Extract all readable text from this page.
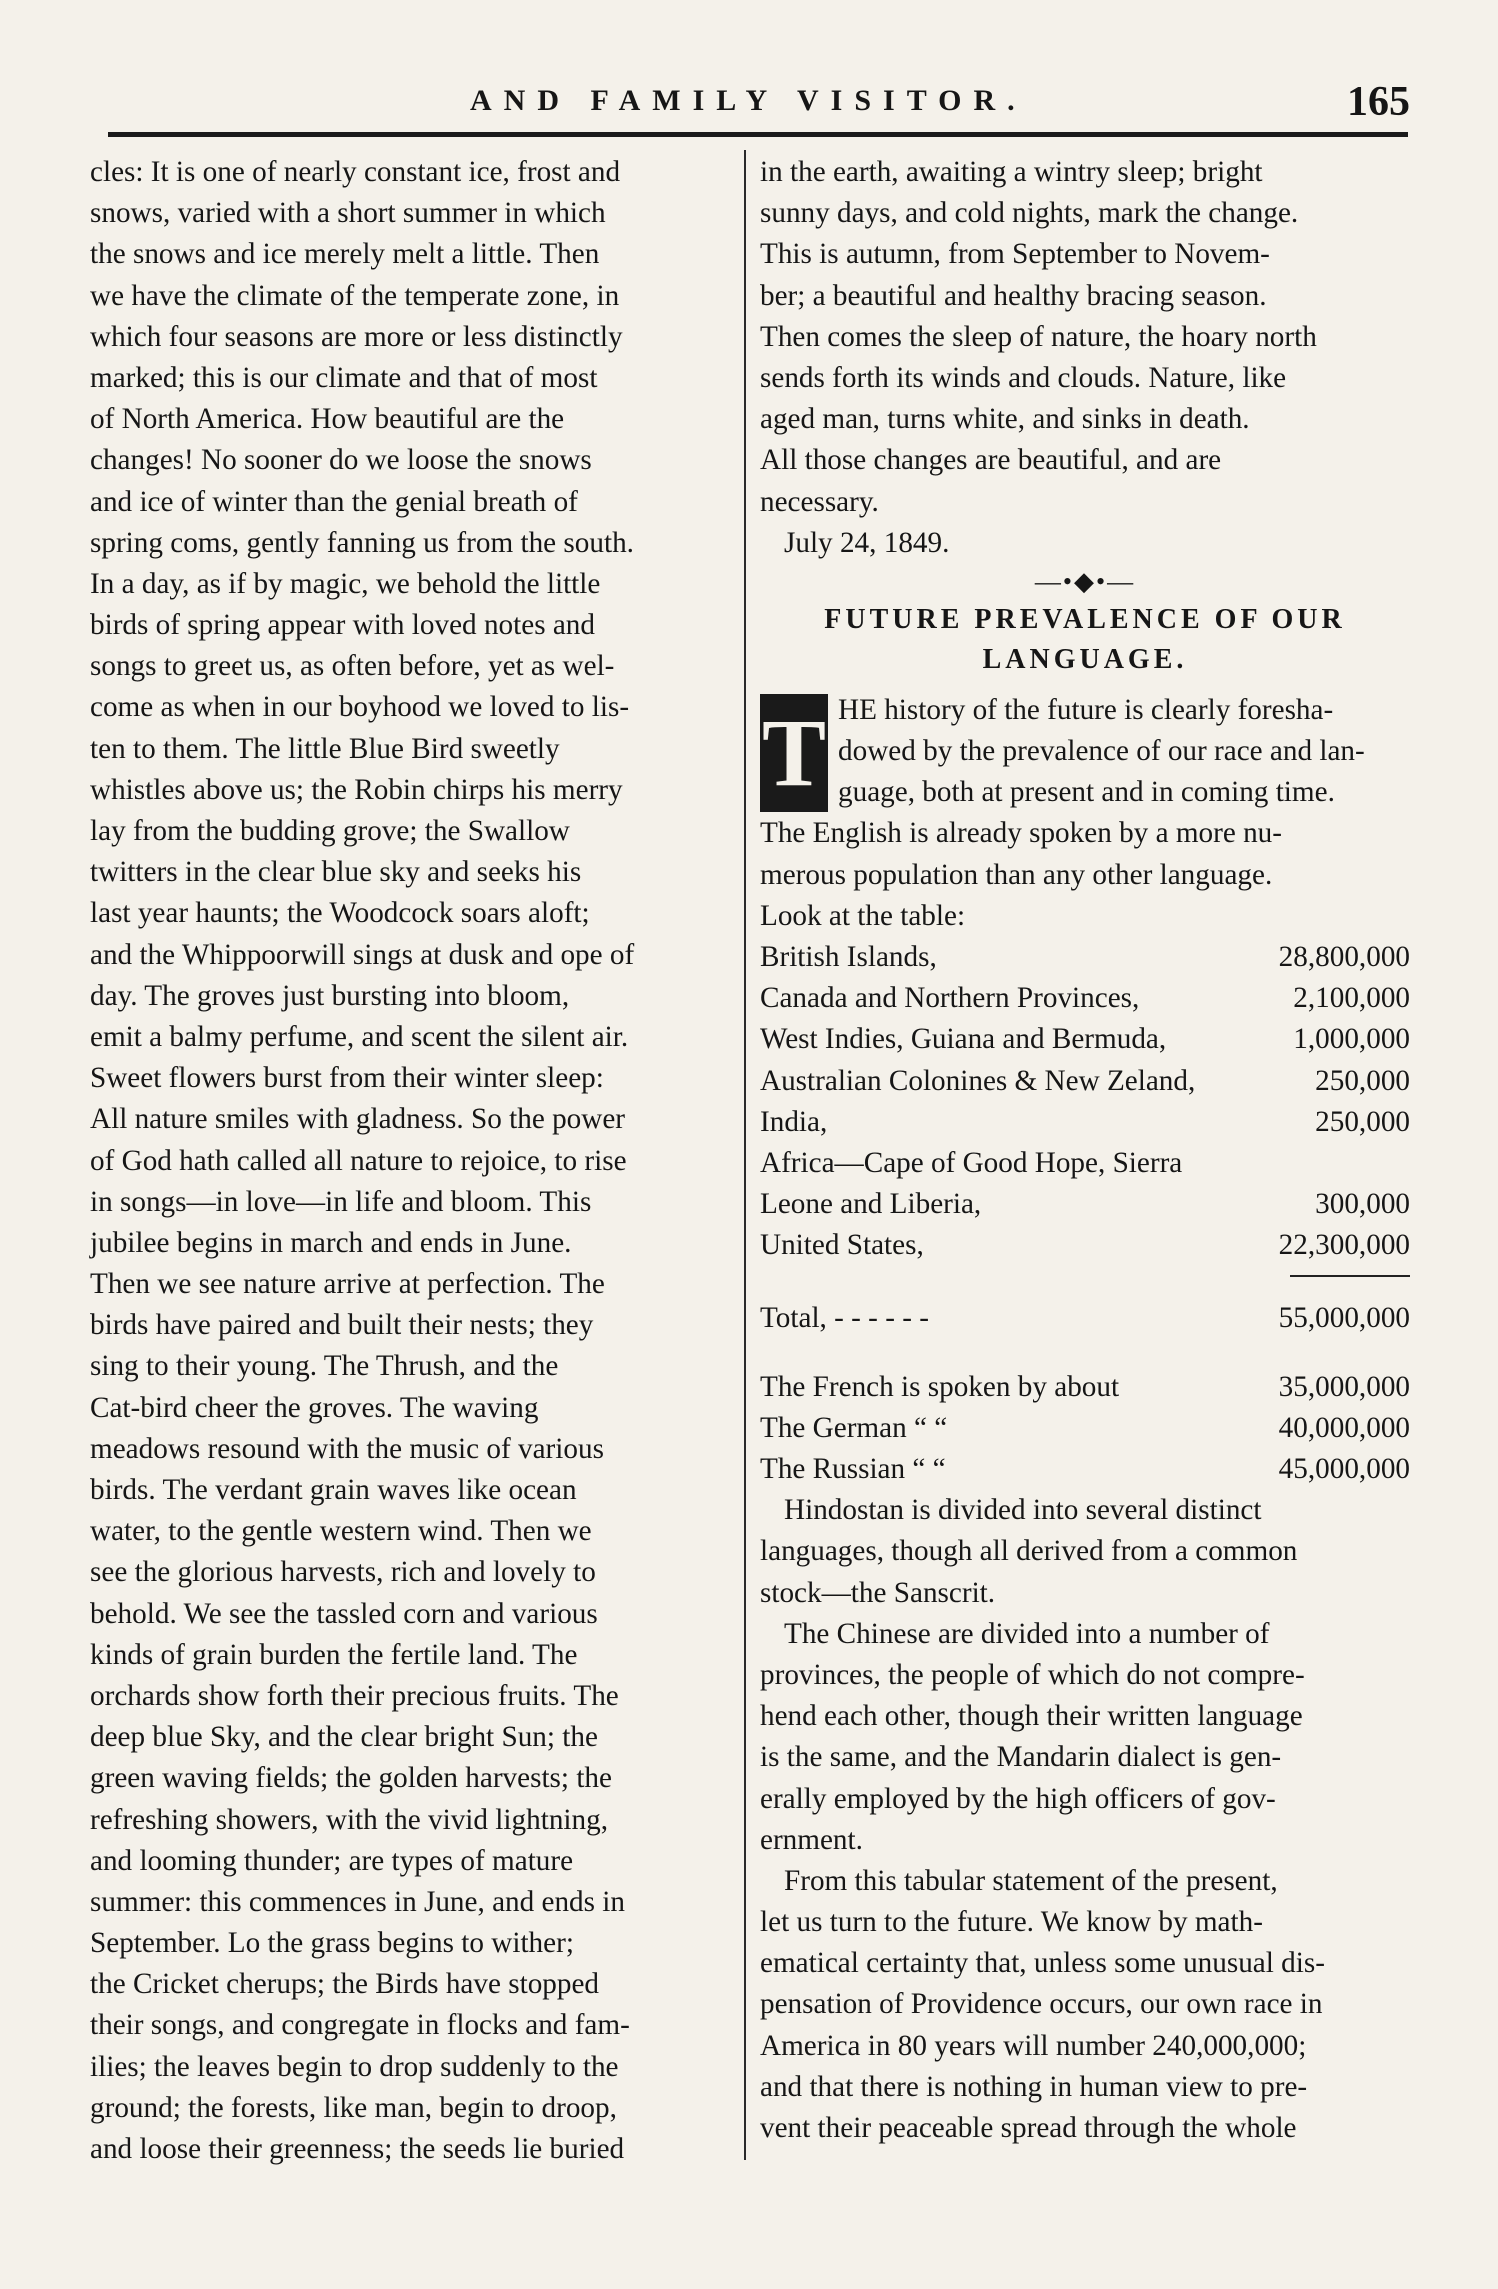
AND FAMILY VISITOR.	165
cles: It is one of nearly constant ice, frost and
snows, varied with a short summer in which
the snows and ice merely melt a little. Then
we have the climate of the temperate zone, in
which four seasons are more or less distinctly
marked; this is our climate and that of most
of North America. How beautiful are the
changes! No sooner do we loose the snows
and ice of winter than the genial breath of
spring coms, gently fanning us from the south.
In a day, as if by magic, we behold the little
birds of spring appear with loved notes and
songs to greet us, as often before, yet as wel-
come as when in our boyhood we loved to lis-
ten to them. The little Blue Bird sweetly
whistles above us; the Robin chirps his merry
lay from the budding grove; the Swallow
twitters in the clear blue sky and seeks his
last year haunts; the Woodcock soars aloft;
and the Whippoorwill sings at dusk and ope of
day. The groves just bursting into bloom,
emit a balmy perfume, and scent the silent air.
Sweet flowers burst from their winter sleep:
All nature smiles with gladness. So the power
of God hath called all nature to rejoice, to rise
in songs—in love—in life and bloom. This
jubilee begins in march and ends in June.
Then we see nature arrive at perfection. The
birds have paired and built their nests; they
sing to their young. The Thrush, and the
Cat-bird cheer the groves. The waving
meadows resound with the music of various
birds. The verdant grain waves like ocean
water, to the gentle western wind. Then we
see the glorious harvests, rich and lovely to
behold. We see the tassled corn and various
kinds of grain burden the fertile land. The
orchards show forth their precious fruits. The
deep blue Sky, and the clear bright Sun; the
green waving fields; the golden harvests; the
refreshing showers, with the vivid lightning,
and looming thunder; are types of mature
summer: this commences in June, and ends in
September. Lo the grass begins to wither;
the Cricket cherups; the Birds have stopped
their songs, and congregate in flocks and fam-
ilies; the leaves begin to drop suddenly to the
ground; the forests, like man, begin to droop,
and loose their greenness; the seeds lie buried
in the earth, awaiting a wintry sleep; bright
sunny days, and cold nights, mark the change.
This is autumn, from September to Novem-
ber; a beautiful and healthy bracing season.
Then comes the sleep of nature, the hoary north
sends forth its winds and clouds. Nature, like
aged man, turns white, and sinks in death.
All those changes are beautiful, and are
necessary.
July 24, 1849.
—•◆•—
FUTURE PREVALENCE OF OUR
LANGUAGE.
T HE history of the future is clearly foresha-
dowed by the prevalence of our race and lan-
guage, both at present and in coming time.
The English is already spoken by a more nu-
merous population than any other language.
Look at the table:
British Islands,	28,800,000
Canada and Northern Provinces,	2,100,000
West Indies, Guiana and Bermuda,	1,000,000
Australian Colonines & New Zeland,	250,000
India,	250,000
Africa—Cape of Good Hope, Sierra	
Leone and Liberia,	300,000
United States,	22,300,000
Total, - - - - - -	55,000,000
The French is spoken by about	35,000,000
The German “ “	40,000,000
The Russian “ “	45,000,000
Hindostan is divided into several distinct
languages, though all derived from a common
stock—the Sanscrit.
The Chinese are divided into a number of
provinces, the people of which do not compre-
hend each other, though their written language
is the same, and the Mandarin dialect is gen-
erally employed by the high officers of gov-
ernment.
From this tabular statement of the present,
let us turn to the future. We know by math-
ematical certainty that, unless some unusual dis-
pensation of Providence occurs, our own race in
America in 80 years will number 240,000,000;
and that there is nothing in human view to pre-
vent their peaceable spread through the whole
